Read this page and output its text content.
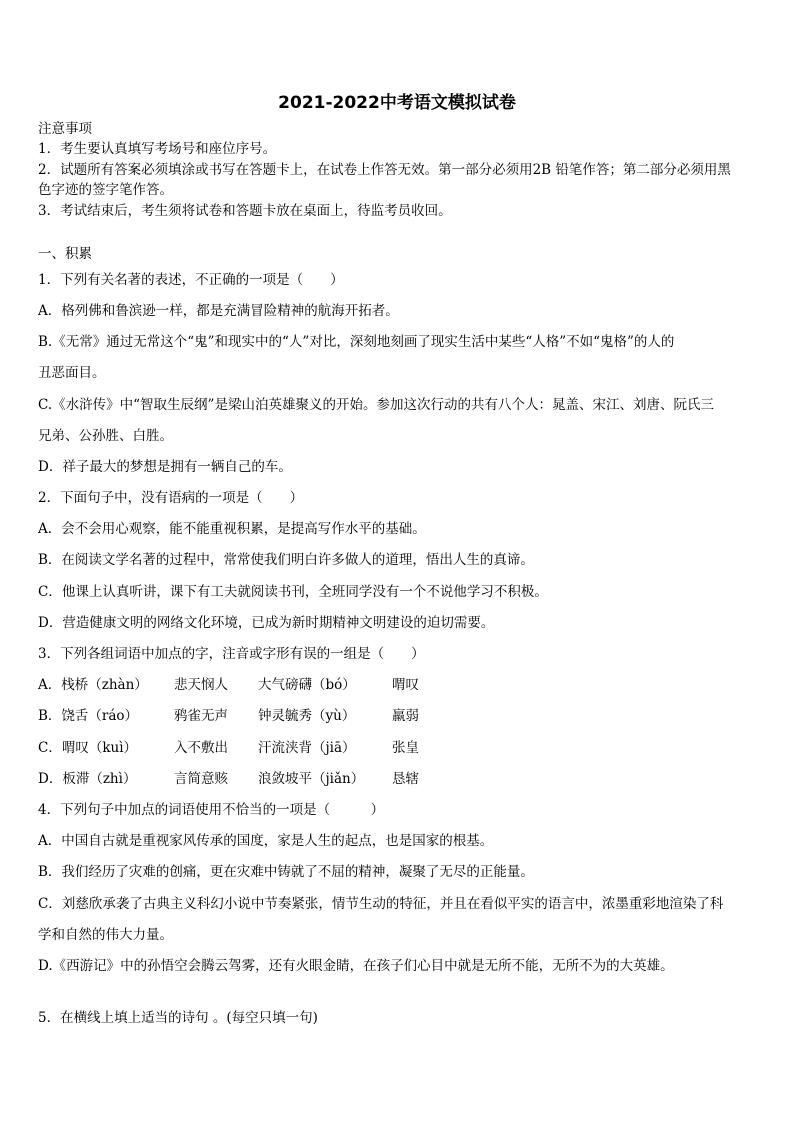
2021-2022中考语文模拟试卷
注意事项
1．考生要认真填写考场号和座位序号。
2．试题所有答案必须填涂或书写在答题卡上，在试卷上作答无效。第一部分必须用2B 铅笔作答；第二部分必须用黑
色字迹的签字笔作答。
3．考试结束后，考生须将试卷和答题卡放在桌面上，待监考员收回。
一、积累
1．下列有关名著的表述，不正确的一项是（　　）
A．格列佛和鲁滨逊一样，都是充满冒险精神的航海开拓者。
B.《无常》通过无常这个“鬼”和现实中的“人”对比，深刻地刻画了现实生活中某些“人格”不如“鬼格”的人的
丑恶面目。
C.《水浒传》中“智取生辰纲”是梁山泊英雄聚义的开始。参加这次行动的共有八个人：晁盖、宋江、刘唐、阮氏三
兄弟、公孙胜、白胜。
D．祥子最大的梦想是拥有一辆自己的车。
2．下面句子中，没有语病的一项是（　　）
A．会不会用心观察，能不能重视积累，是提高写作水平的基础。
B．在阅读文学名著的过程中，常常使我们明白许多做人的道理，悟出人生的真谛。
C．他课上认真听讲，课下有工夫就阅读书刊，全班同学没有一个不说他学习不积极。
D．营造健康文明的网络文化环境，已成为新时期精神文明建设的迫切需要。
3．下列各组词语中加点的字，注音或字形有误的一组是（　　）
A．栈桥（zhàn） 悲天悯人 大气磅礴（bó）	喟叹
B．饶舌（ráo）	鸦雀无声 钟灵毓秀（yù）	羸弱
C．喟叹（kuì）	入不敷出 汗流浃背（jiā）	张皇
D．板滞（zhì）	言简意赅 浪敛坡平（jiǎn） 恳辖
4．下列句子中加点的词语使用不恰当的一项是（　　　）
A．中国自古就是重视家风传承的国度，家是人生的起点，也是国家的根基。
B．我们经历了灾难的创痛，更在灾难中铸就了不屈的精神，凝聚了无尽的正能量。
C．刘慈欣承袭了古典主义科幻小说中节奏紧张，情节生动的特征，并且在看似平实的语言中，浓墨重彩地渲染了科
学和自然的伟大力量。
D.《西游记》中的孙悟空会腾云驾雾，还有火眼金睛，在孩子们心目中就是无所不能，无所不为的大英雄。
5．在横线上填上适当的诗句 。(每空只填一句)
